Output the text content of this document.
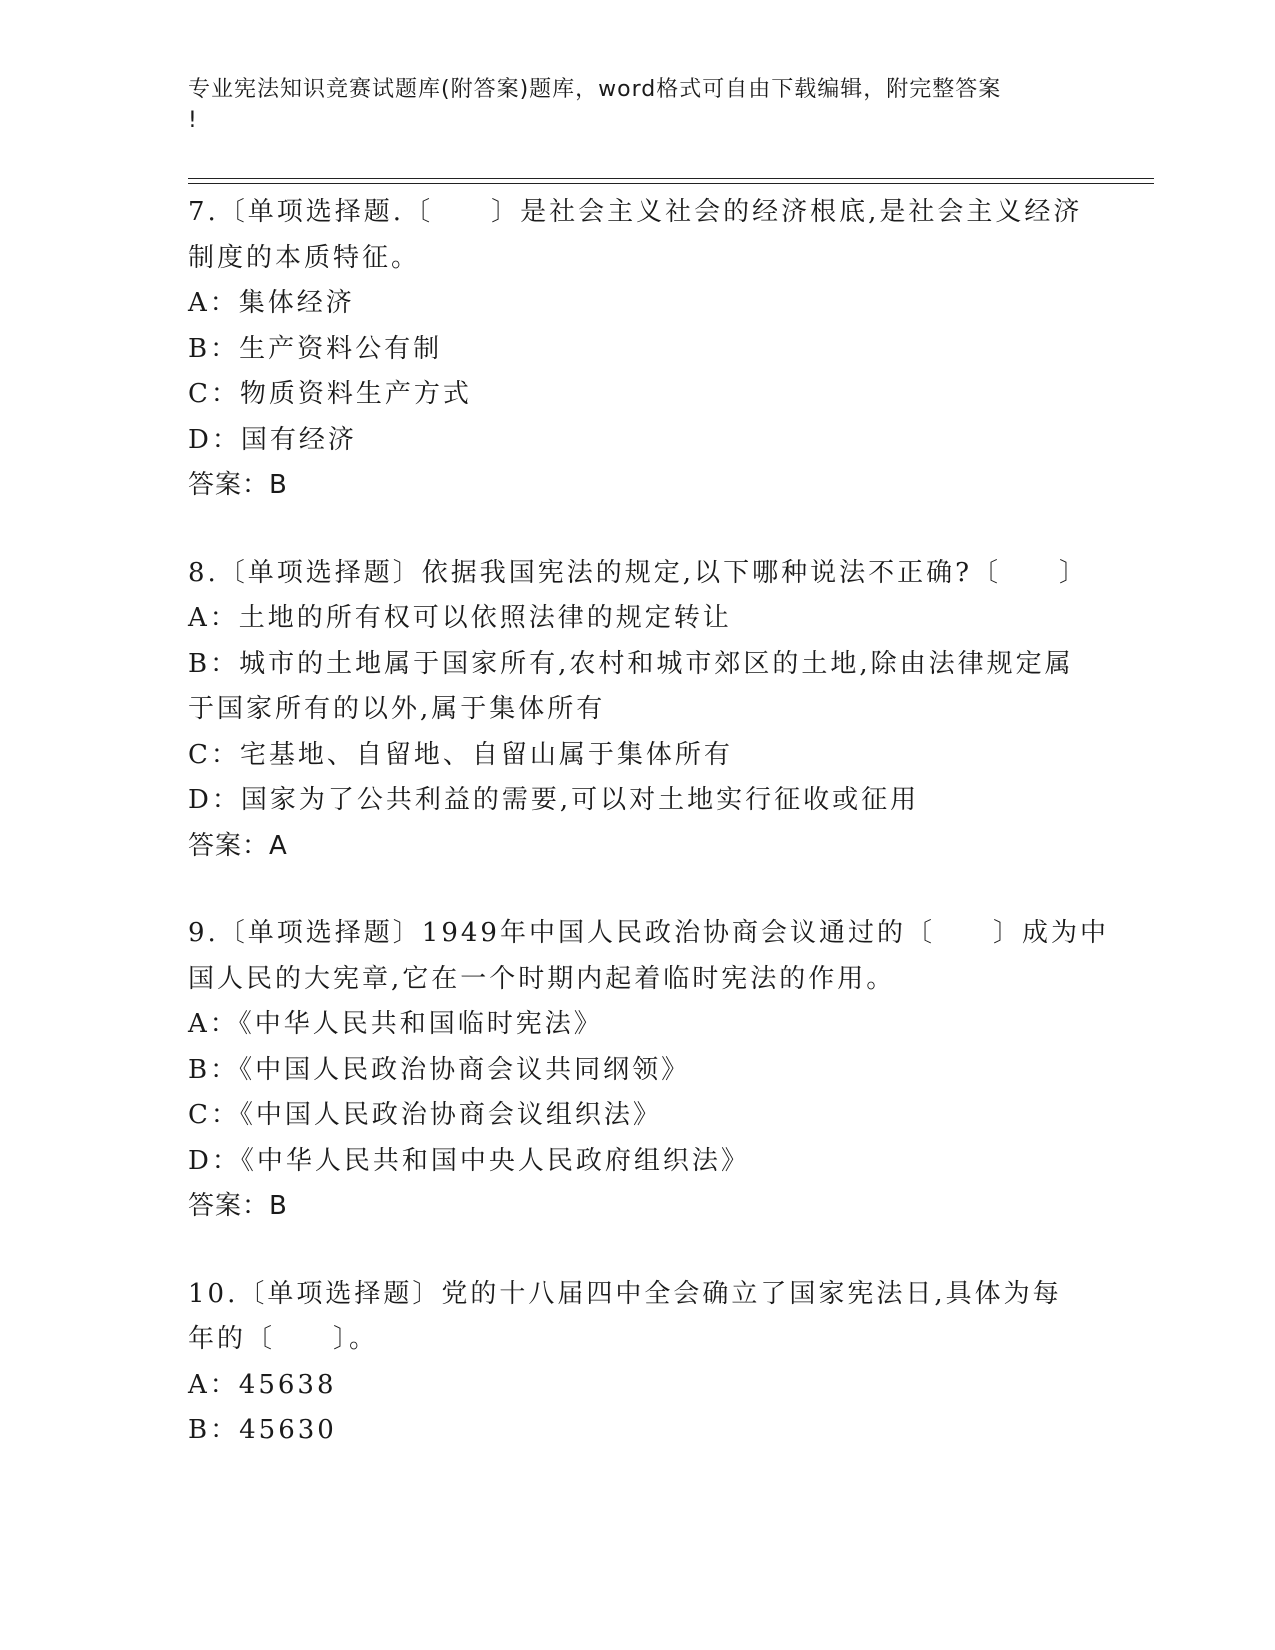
专业宪法知识竞赛试题库(附答案)题库，word格式可自由下载编辑，附完整答案
!
7.〔单项选择题.〔　　〕是社会主义社会的经济根底,是社会主义经济
制度的本质特征。
A：集体经济
B：生产资料公有制
C：物质资料生产方式
D：国有经济
答案：B
8.〔单项选择题〕依据我国宪法的规定,以下哪种说法不正确?〔　　〕
A：土地的所有权可以依照法律的规定转让
B：城市的土地属于国家所有,农村和城市郊区的土地,除由法律规定属
于国家所有的以外,属于集体所有
C：宅基地、自留地、自留山属于集体所有
D：国家为了公共利益的需要,可以对土地实行征收或征用
答案：A
9.〔单项选择题〕1949年中国人民政治协商会议通过的〔　　〕成为中
国人民的大宪章,它在一个时期内起着临时宪法的作用。
A：《中华人民共和国临时宪法》
B：《中国人民政治协商会议共同纲领》
C：《中国人民政治协商会议组织法》
D：《中华人民共和国中央人民政府组织法》
答案：B
10.〔单项选择题〕党的十八届四中全会确立了国家宪法日,具体为每
年的〔　　〕。
A：45638
B：45630
